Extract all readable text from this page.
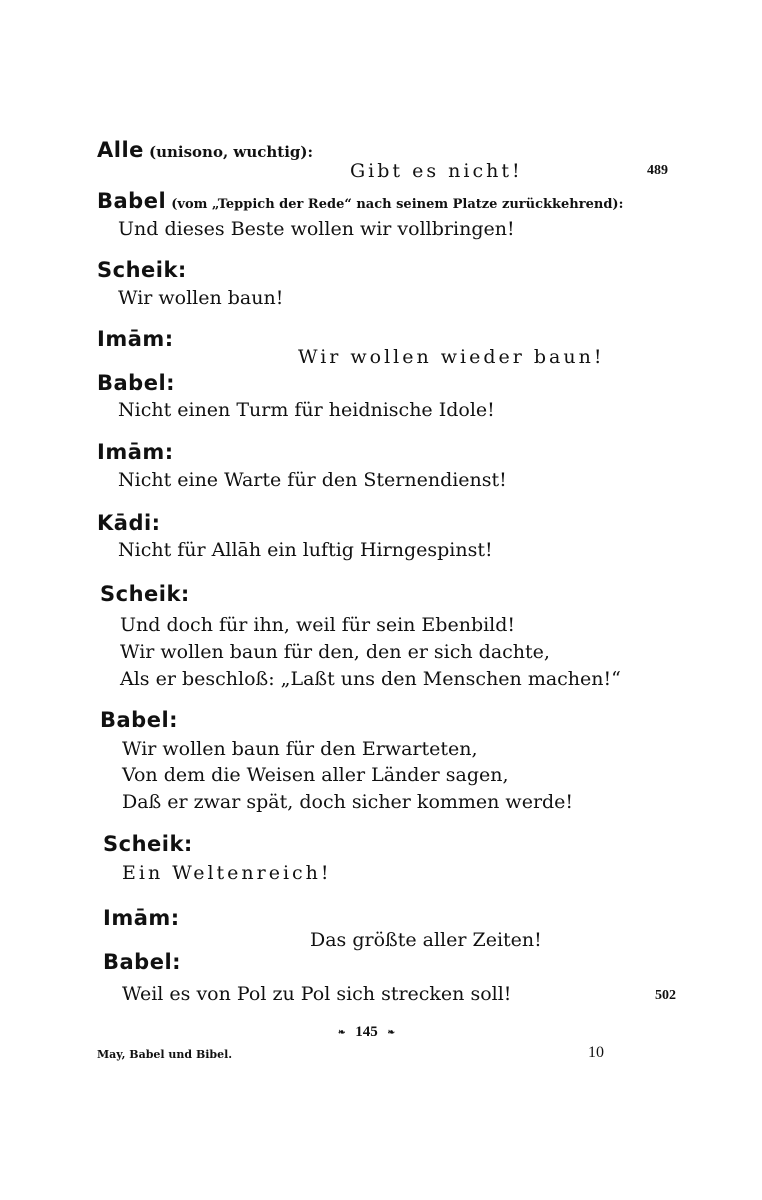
Alle (unisono, wuchtig):
Gibt es nicht!	489
Babel (vom „Teppich der Rede“ nach seinem Platze zurückkehrend):
Und dieses Beste wollen wir vollbringen!
Scheik:
Wir wollen baun!
Imām:
Wir wollen wieder baun!
Babel:
Nicht einen Turm für heidnische Idole!
Imām:
Nicht eine Warte für den Sternendienst!
Kādi:
Nicht für Allāh ein luftig Hirngespinst!
Scheik:
Und doch für ihn, weil für sein Ebenbild!
Wir wollen baun für den, den er sich dachte,
Als er beschloß: „Laßt uns den Menschen machen!“
Babel:
Wir wollen baun für den Erwarteten,
Von dem die Weisen aller Länder sagen,
Daß er zwar spät, doch sicher kommen werde!
Scheik:
Ein Weltenreich!
Imām:
Das größte aller Zeiten!
Babel:
Weil es von Pol zu Pol sich strecken soll!	502
❧ 145 ❧
May, Babel und Bibel.	10
